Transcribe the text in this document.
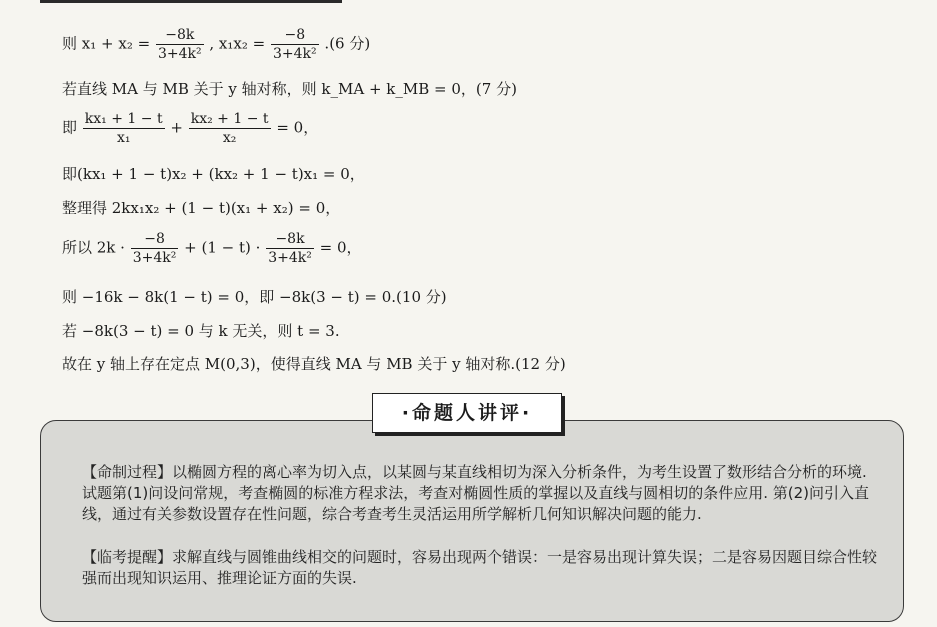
则 $x_1 + x_2 = \frac{-8k}{\text{3+4k²}}$ , $x_1x_2 = \frac{-8}{\text{3+4k²}} .(6$ 分)
若直线 MA 与 MB 关于 y 轴对称，则 k_MA + k_MB = 0，(7 分)
即 $\frac{\text{kx₁ + 1 − t}}{\text{x₁}} + \frac{\text{kx₂ + 1 − t}}{\text{x₂}} = 0$，
即(kx₁ + 1 − t)x₂ + (kx₂ + 1 − t)x₁ = 0，
整理得 2kx₁x₂ + (1 − t)(x₁ + x₂) = 0，
所以 $2k \cdot \frac{-8}{\text{3+4k²}} + (1 - t) \cdot \frac{-8k}{\text{3+4k²}} = 0$，
则 −16k − 8k(1 − t) = 0，即 −8k(3 − t) = 0.(10 分)
若 −8k(3 − t) = 0 与 k 无关，则 t = 3.
故在 y 轴上存在定点 M(0,3)，使得直线 MA 与 MB 关于 y 轴对称.(12 分)
·命题人讲评·
【命制过程】以椭圆方程的离心率为切入点，以某圆与某直线相切为深入分析条件，为考生设置了数形结合分析的环境. 试题第(1)问设问常规，考查椭圆的标准方程求法，考查对椭圆性质的掌握以及直线与圆相切的条件应用. 第(2)问引入直线，通过有关参数设置存在性问题，综合考查考生灵活运用所学解析几何知识解决问题的能力.
【临考提醒】求解直线与圆锥曲线相交的问题时，容易出现两个错误：一是容易出现计算失误；二是容易因题目综合性较强而出现知识运用、推理论证方面的失误.
